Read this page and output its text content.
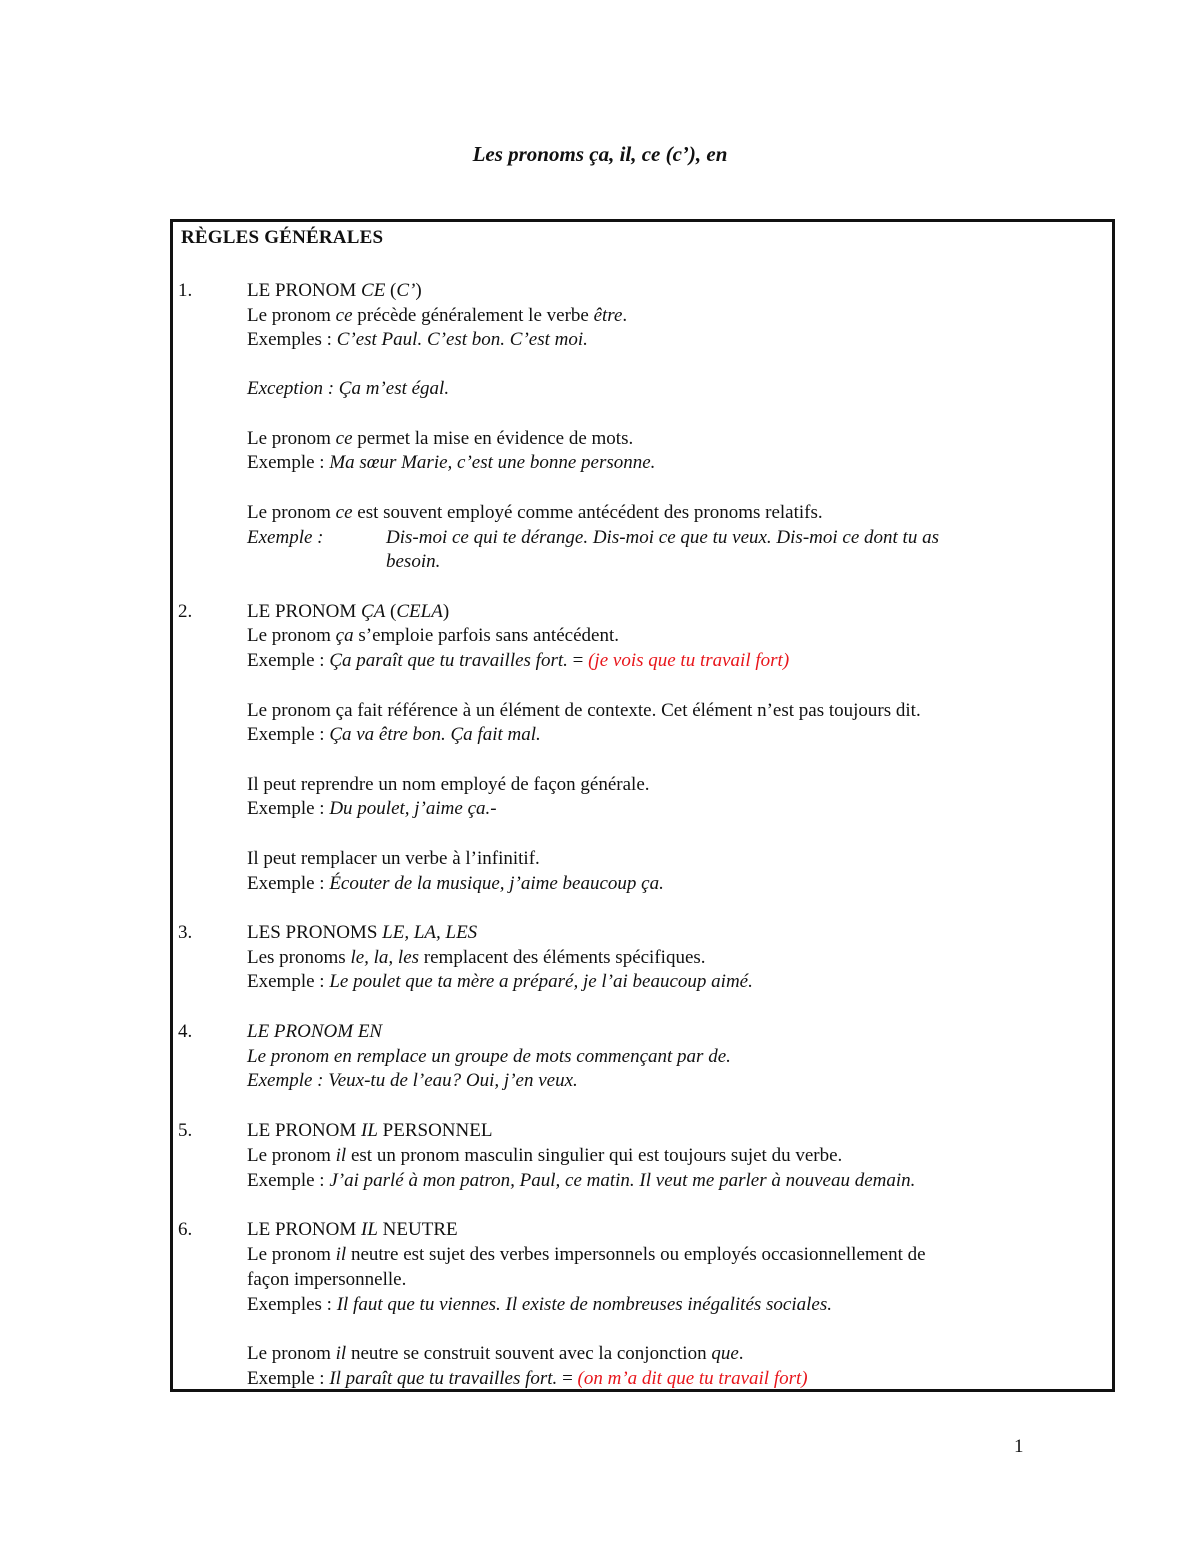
Les pronoms ça, il, ce (c’), en
RÈGLES GÉNÉRALES
1.	LE PRONOM CE (C’)
Le pronom ce précède généralement le verbe être.
Exemples : C’est Paul. C’est bon. C’est moi.
Exception : Ça m’est égal.
Le pronom ce permet la mise en évidence de mots.
Exemple : Ma sœur Marie, c’est une bonne personne.
Le pronom ce est souvent employé comme antécédent des pronoms relatifs.
Exemple :	Dis-moi ce qui te dérange. Dis-moi ce que tu veux. Dis-moi ce dont tu as
besoin.
2.	LE PRONOM ÇA (CELA)
Le pronom ça s’emploie parfois sans antécédent.
Exemple : Ça paraît que tu travailles fort. = (je vois que tu travail fort)
Le pronom ça fait référence à un élément de contexte. Cet élément n’est pas toujours dit.
Exemple : Ça va être bon. Ça fait mal.
Il peut reprendre un nom employé de façon générale.
Exemple : Du poulet, j’aime ça.-
Il peut remplacer un verbe à l’infinitif.
Exemple : Écouter de la musique, j’aime beaucoup ça.
3.	LES PRONOMS LE, LA, LES
Les pronoms le, la, les remplacent des éléments spécifiques.
Exemple : Le poulet que ta mère a préparé, je l’ai beaucoup aimé.
4.	LE PRONOM EN
Le pronom en remplace un groupe de mots commençant par de.
Exemple : Veux-tu de l’eau? Oui, j’en veux.
5.	LE PRONOM IL PERSONNEL
Le pronom il est un pronom masculin singulier qui est toujours sujet du verbe.
Exemple : J’ai parlé à mon patron, Paul, ce matin. Il veut me parler à nouveau demain.
6.	LE PRONOM IL NEUTRE
Le pronom il neutre est sujet des verbes impersonnels ou employés occasionnellement de
façon impersonnelle.
Exemples : Il faut que tu viennes. Il existe de nombreuses inégalités sociales.
Le pronom il neutre se construit souvent avec la conjonction que.
Exemple : Il paraît que tu travailles fort. = (on m’a dit que tu travail fort)
1
